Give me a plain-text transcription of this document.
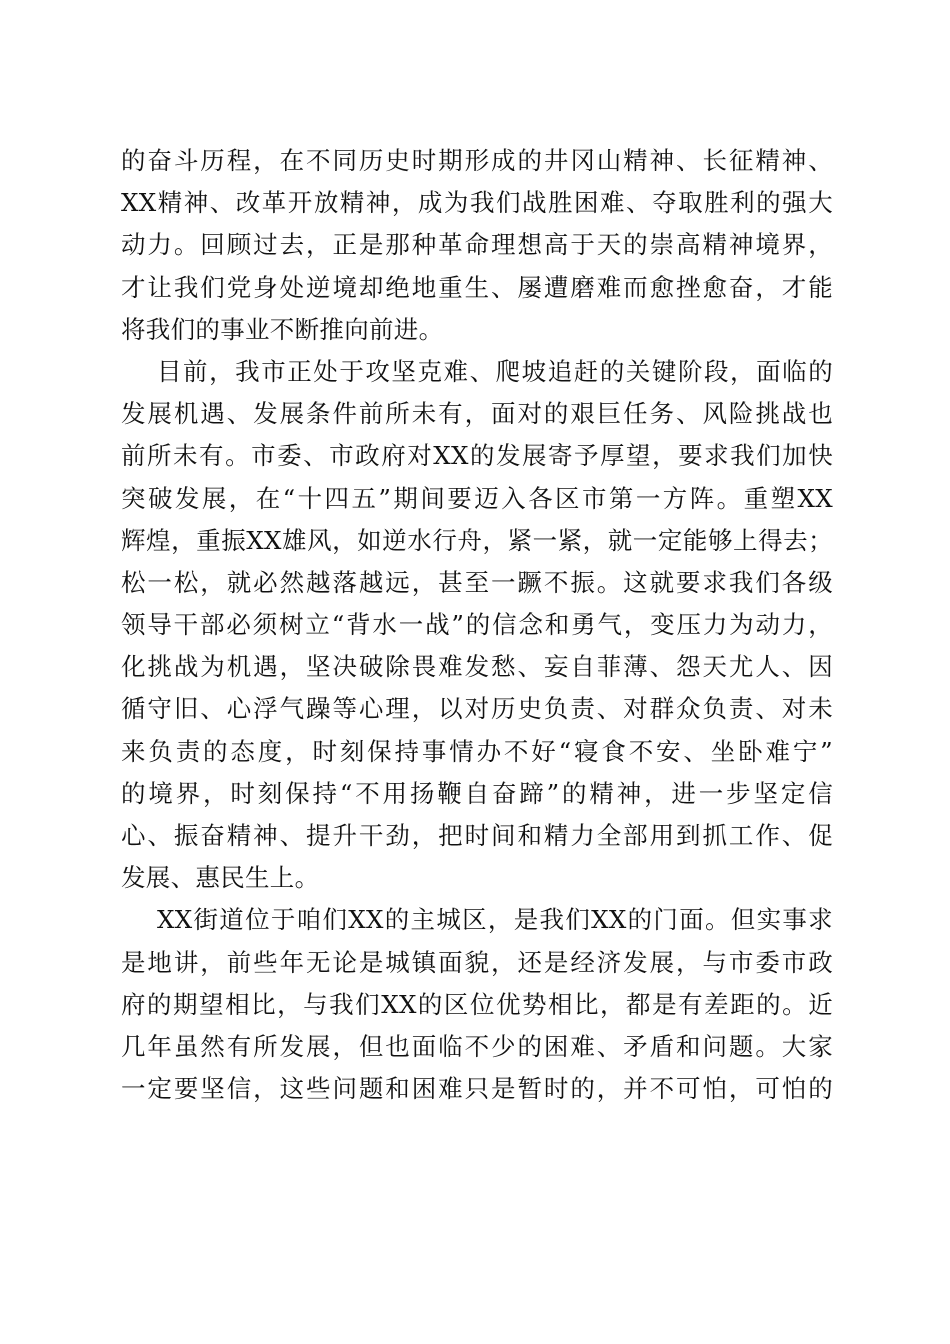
的奋斗历程，在不同历史时期形成的井冈山精神、长征精神、
XX精神、改革开放精神，成为我们战胜困难、夺取胜利的强大
动力。回顾过去，正是那种革命理想高于天的崇高精神境界，
才让我们党身处逆境却绝地重生、屡遭磨难而愈挫愈奋，才能
将我们的事业不断推向前进。
目前，我市正处于攻坚克难、爬坡追赶的关键阶段，面临的
发展机遇、发展条件前所未有，面对的艰巨任务、风险挑战也
前所未有。市委、市政府对XX的发展寄予厚望，要求我们加快
突破发展，在“十四五”期间要迈入各区市第一方阵。重塑XX
辉煌，重振XX雄风，如逆水行舟，紧一紧，就一定能够上得去；
松一松，就必然越落越远，甚至一蹶不振。这就要求我们各级
领导干部必须树立“背水一战”的信念和勇气，变压力为动力，
化挑战为机遇，坚决破除畏难发愁、妄自菲薄、怨天尤人、因
循守旧、心浮气躁等心理，以对历史负责、对群众负责、对未
来负责的态度，时刻保持事情办不好“寝食不安、坐卧难宁”
的境界，时刻保持“不用扬鞭自奋蹄”的精神，进一步坚定信
心、振奋精神、提升干劲，把时间和精力全部用到抓工作、促
发展、惠民生上。
XX街道位于咱们XX的主城区，是我们XX的门面。但实事求
是地讲，前些年无论是城镇面貌，还是经济发展，与市委市政
府的期望相比，与我们XX的区位优势相比，都是有差距的。近
几年虽然有所发展，但也面临不少的困难、矛盾和问题。大家
一定要坚信，这些问题和困难只是暂时的，并不可怕，可怕的
